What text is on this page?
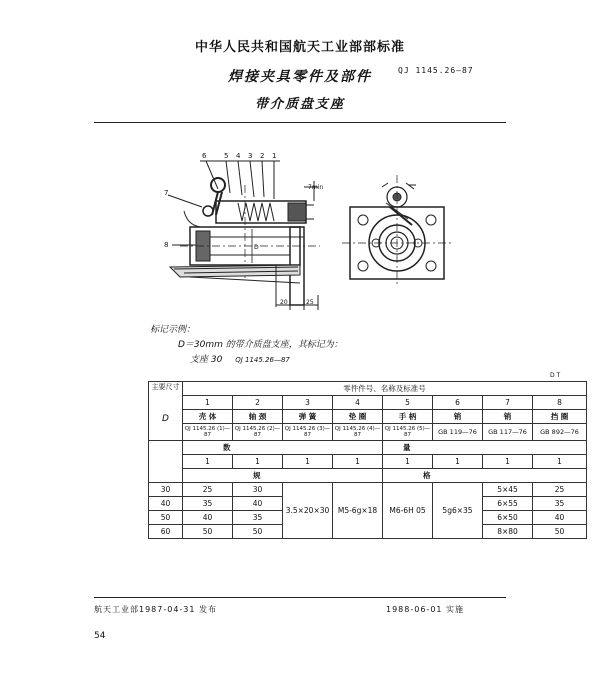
中华人民共和国航天工业部部标准
焊接夹具零件及部件	QJ 1145.26—87
带介质盘支座
6	5 4 3 2 1
7
8
7min
20	25
D
标记示例：
D＝30mm 的带介质盘支座，其标记为：
支座 30 QJ 1145.26—87
D T
主要尺寸
D	零件件号、名称及标准号							
	1	2	3	4	5	6	7	8
	壳 体	轴 颈	弹 簧	垫 圈	手 柄	销	销	挡 圈
	QJ 1145.26 (1)—87	QJ 1145.26 (2)—87	QJ 1145.26 (3)—87	QJ 1145.26 (4)—87	QJ 1145.26 (5)—87	GB 119—76	GB 117—76	GB 892—76
	数				量			
	1	1	1	1	1	1	1	1
	规				格			
30	25	30	3.5×20×30	M5-6g×18	M6-6H 05	5g6×35	5×45	25
40	35	40					6×55	35
50	40	35					6×50	40
60	50	50					8×80	50
航天工业部1987-04-31 发布	1988-06-01 实施
54
